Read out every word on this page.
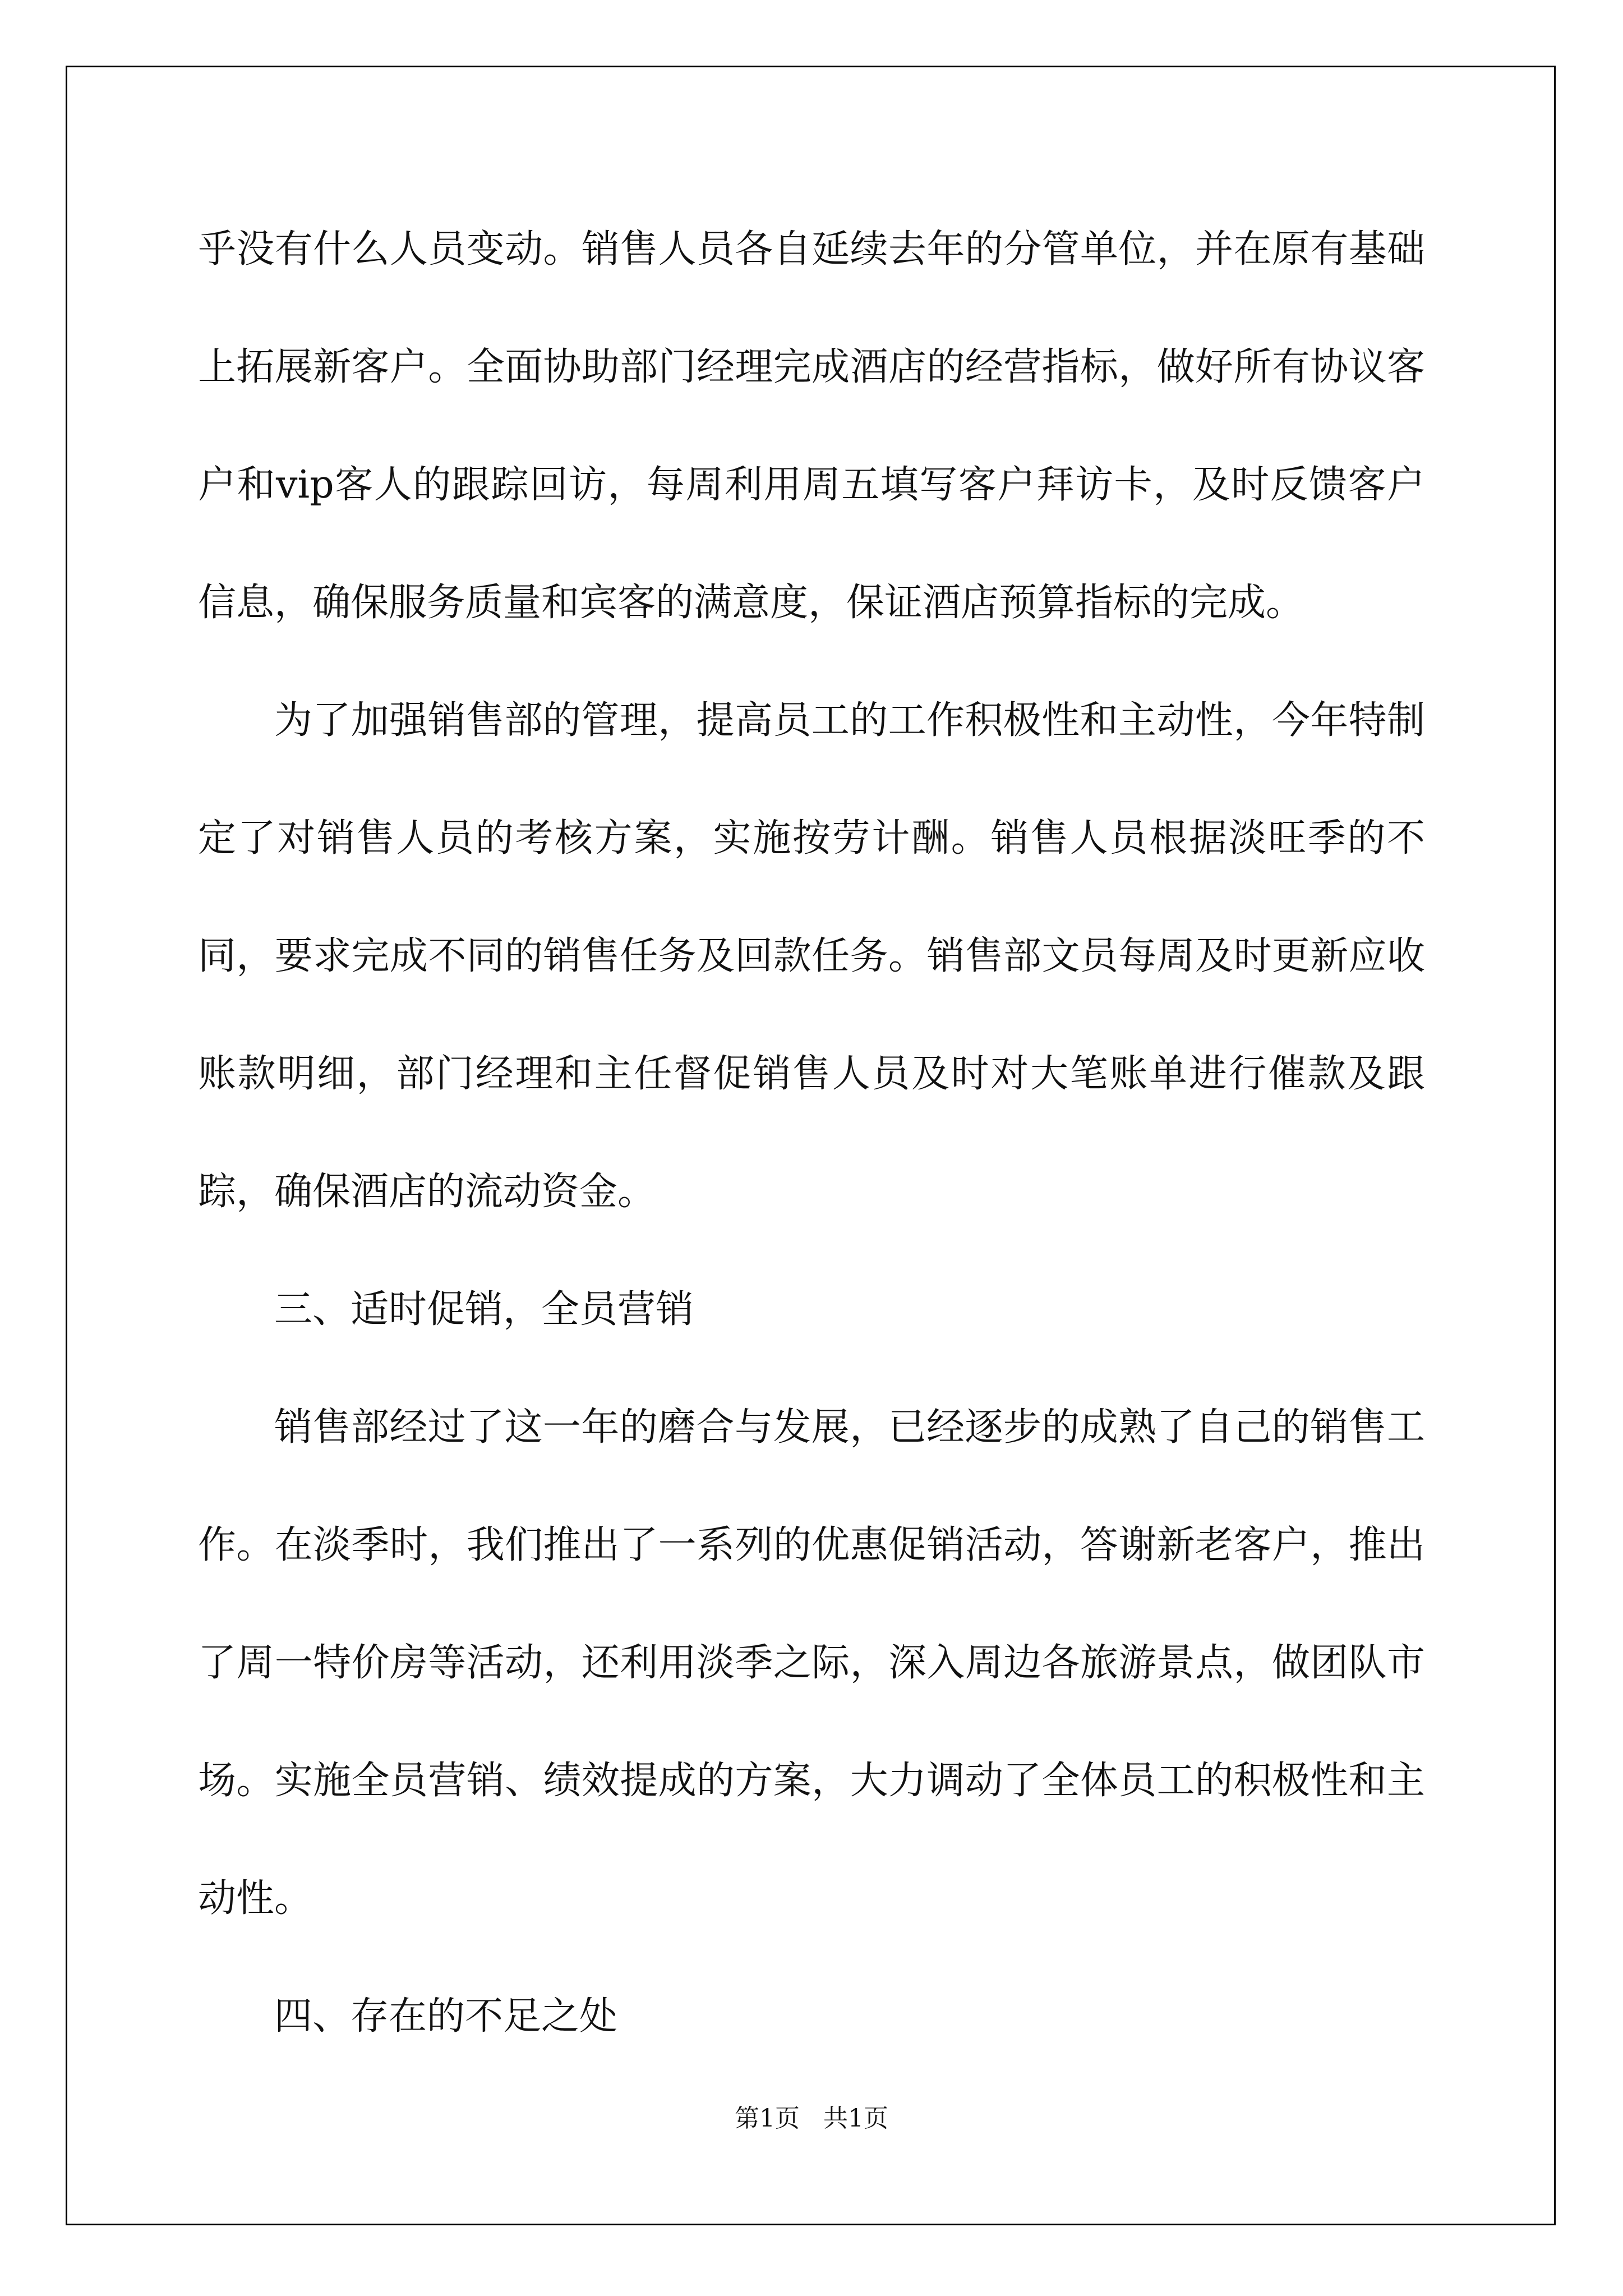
乎没有什么人员变动。销售人员各自延续去年的分管单位，并在原有基础上拓展新客户。全面协助部门经理完成酒店的经营指标，做好所有协议客户和vip客人的跟踪回访，每周利用周五填写客户拜访卡，及时反馈客户信息，确保服务质量和宾客的满意度，保证酒店预算指标的完成。

为了加强销售部的管理，提高员工的工作积极性和主动性，今年特制定了对销售人员的考核方案，实施按劳计酬。销售人员根据淡旺季的不同，要求完成不同的销售任务及回款任务。销售部文员每周及时更新应收账款明细，部门经理和主任督促销售人员及时对大笔账单进行催款及跟踪，确保酒店的流动资金。

三、适时促销，全员营销

销售部经过了这一年的磨合与发展，已经逐步的成熟了自己的销售工作。在淡季时，我们推出了一系列的优惠促销活动，答谢新老客户，推出了周一特价房等活动，还利用淡季之际，深入周边各旅游景点，做团队市场。实施全员营销、绩效提成的方案，大力调动了全体员工的积极性和主动性。

四、存在的不足之处

第1页   共1页
